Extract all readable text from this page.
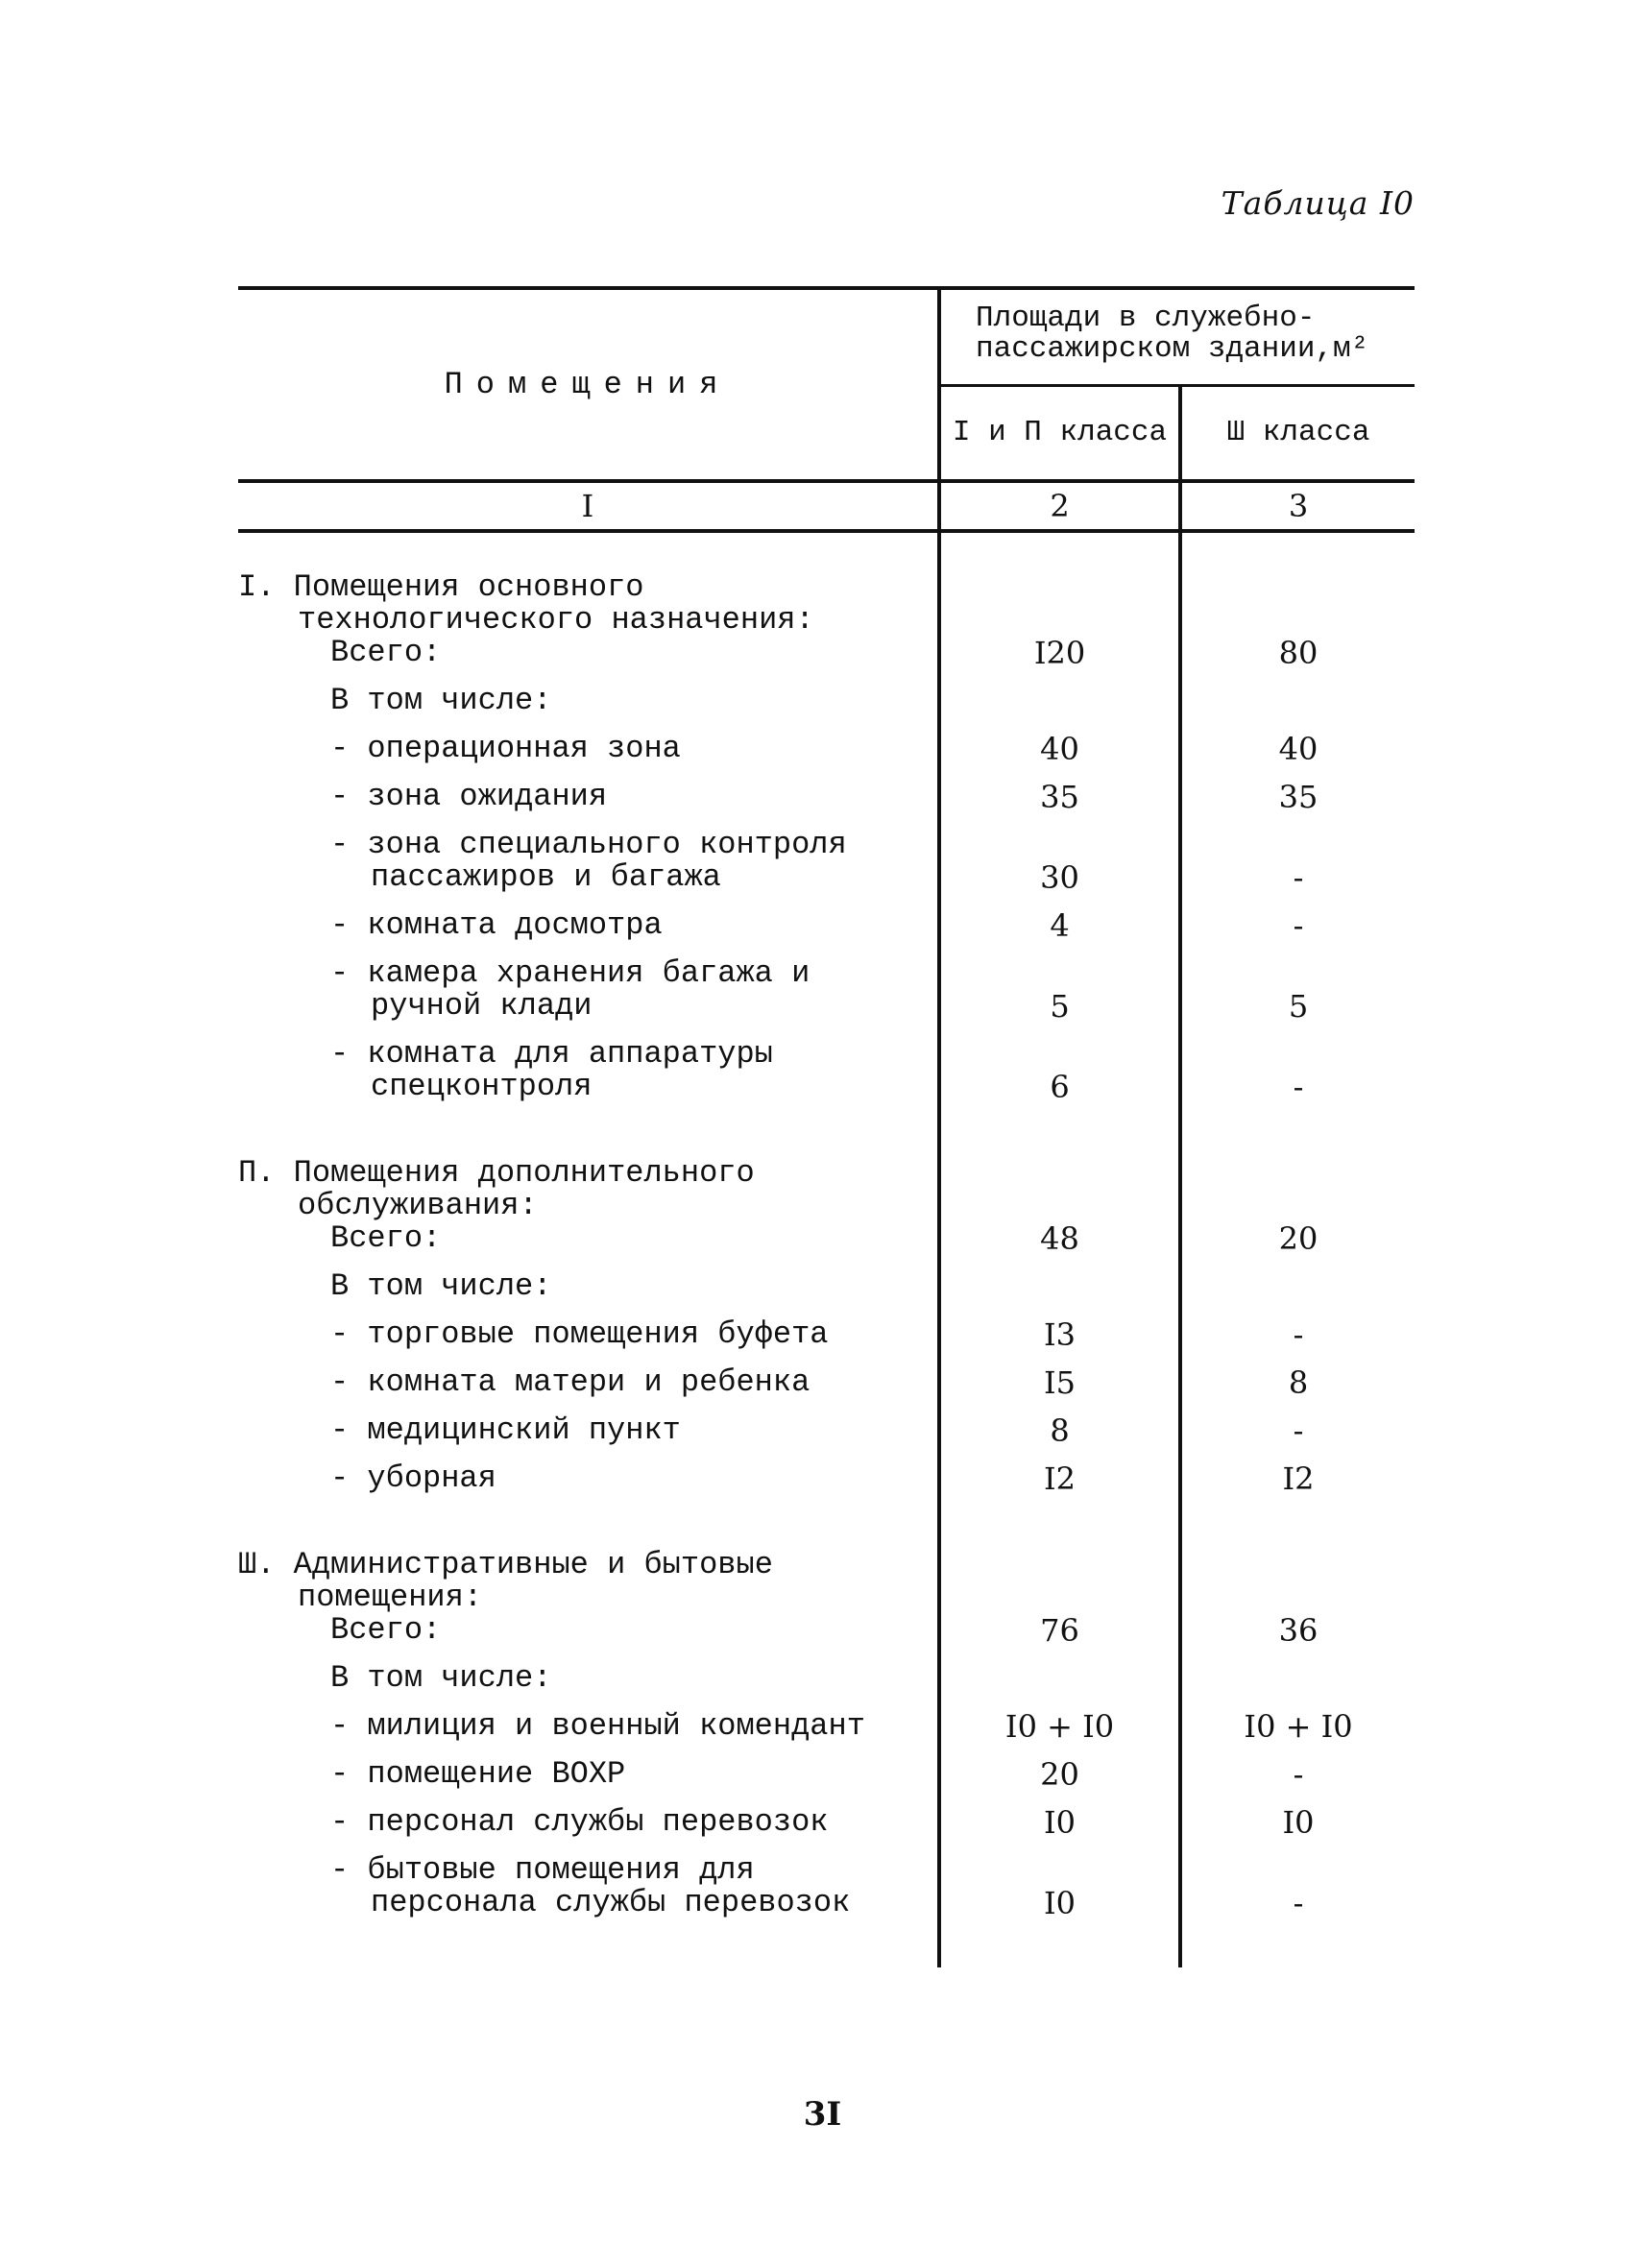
Таблица I0
Помещения	Площади в служебно-пассажирском здании,м²	
	I и П класса	Ш класса
I	2	3

I. Помещения основного технологического назначения:		

Всего:	I20	80
В том числе:		

- операционная зона	40	40

- зона ожидания	35	35

- зона специального контроля пассажиров и багажа	30	-

- комната досмотра	4	-

- камера хранения багажа и ручной клади	5	5

- комната для аппаратуры спецконтроля	6	-

П. Помещения дополнительного обслуживания:		

Всего:	48	20
В том числе:		

- торговые помещения буфета	I3	-

- комната матери и ребенка	I5	8

- медицинский пункт	8	-

- уборная	I2	I2

Ш. Административные и бытовые помещения:		

Всего:	76	36
В том числе:		

- милиция и военный комендант	I0 + I0	I0 + I0

- помещение ВОХР	20	-

- персонал службы перевозок	I0	I0

- бытовые помещения для персонала службы перевозок	I0	-

3I
